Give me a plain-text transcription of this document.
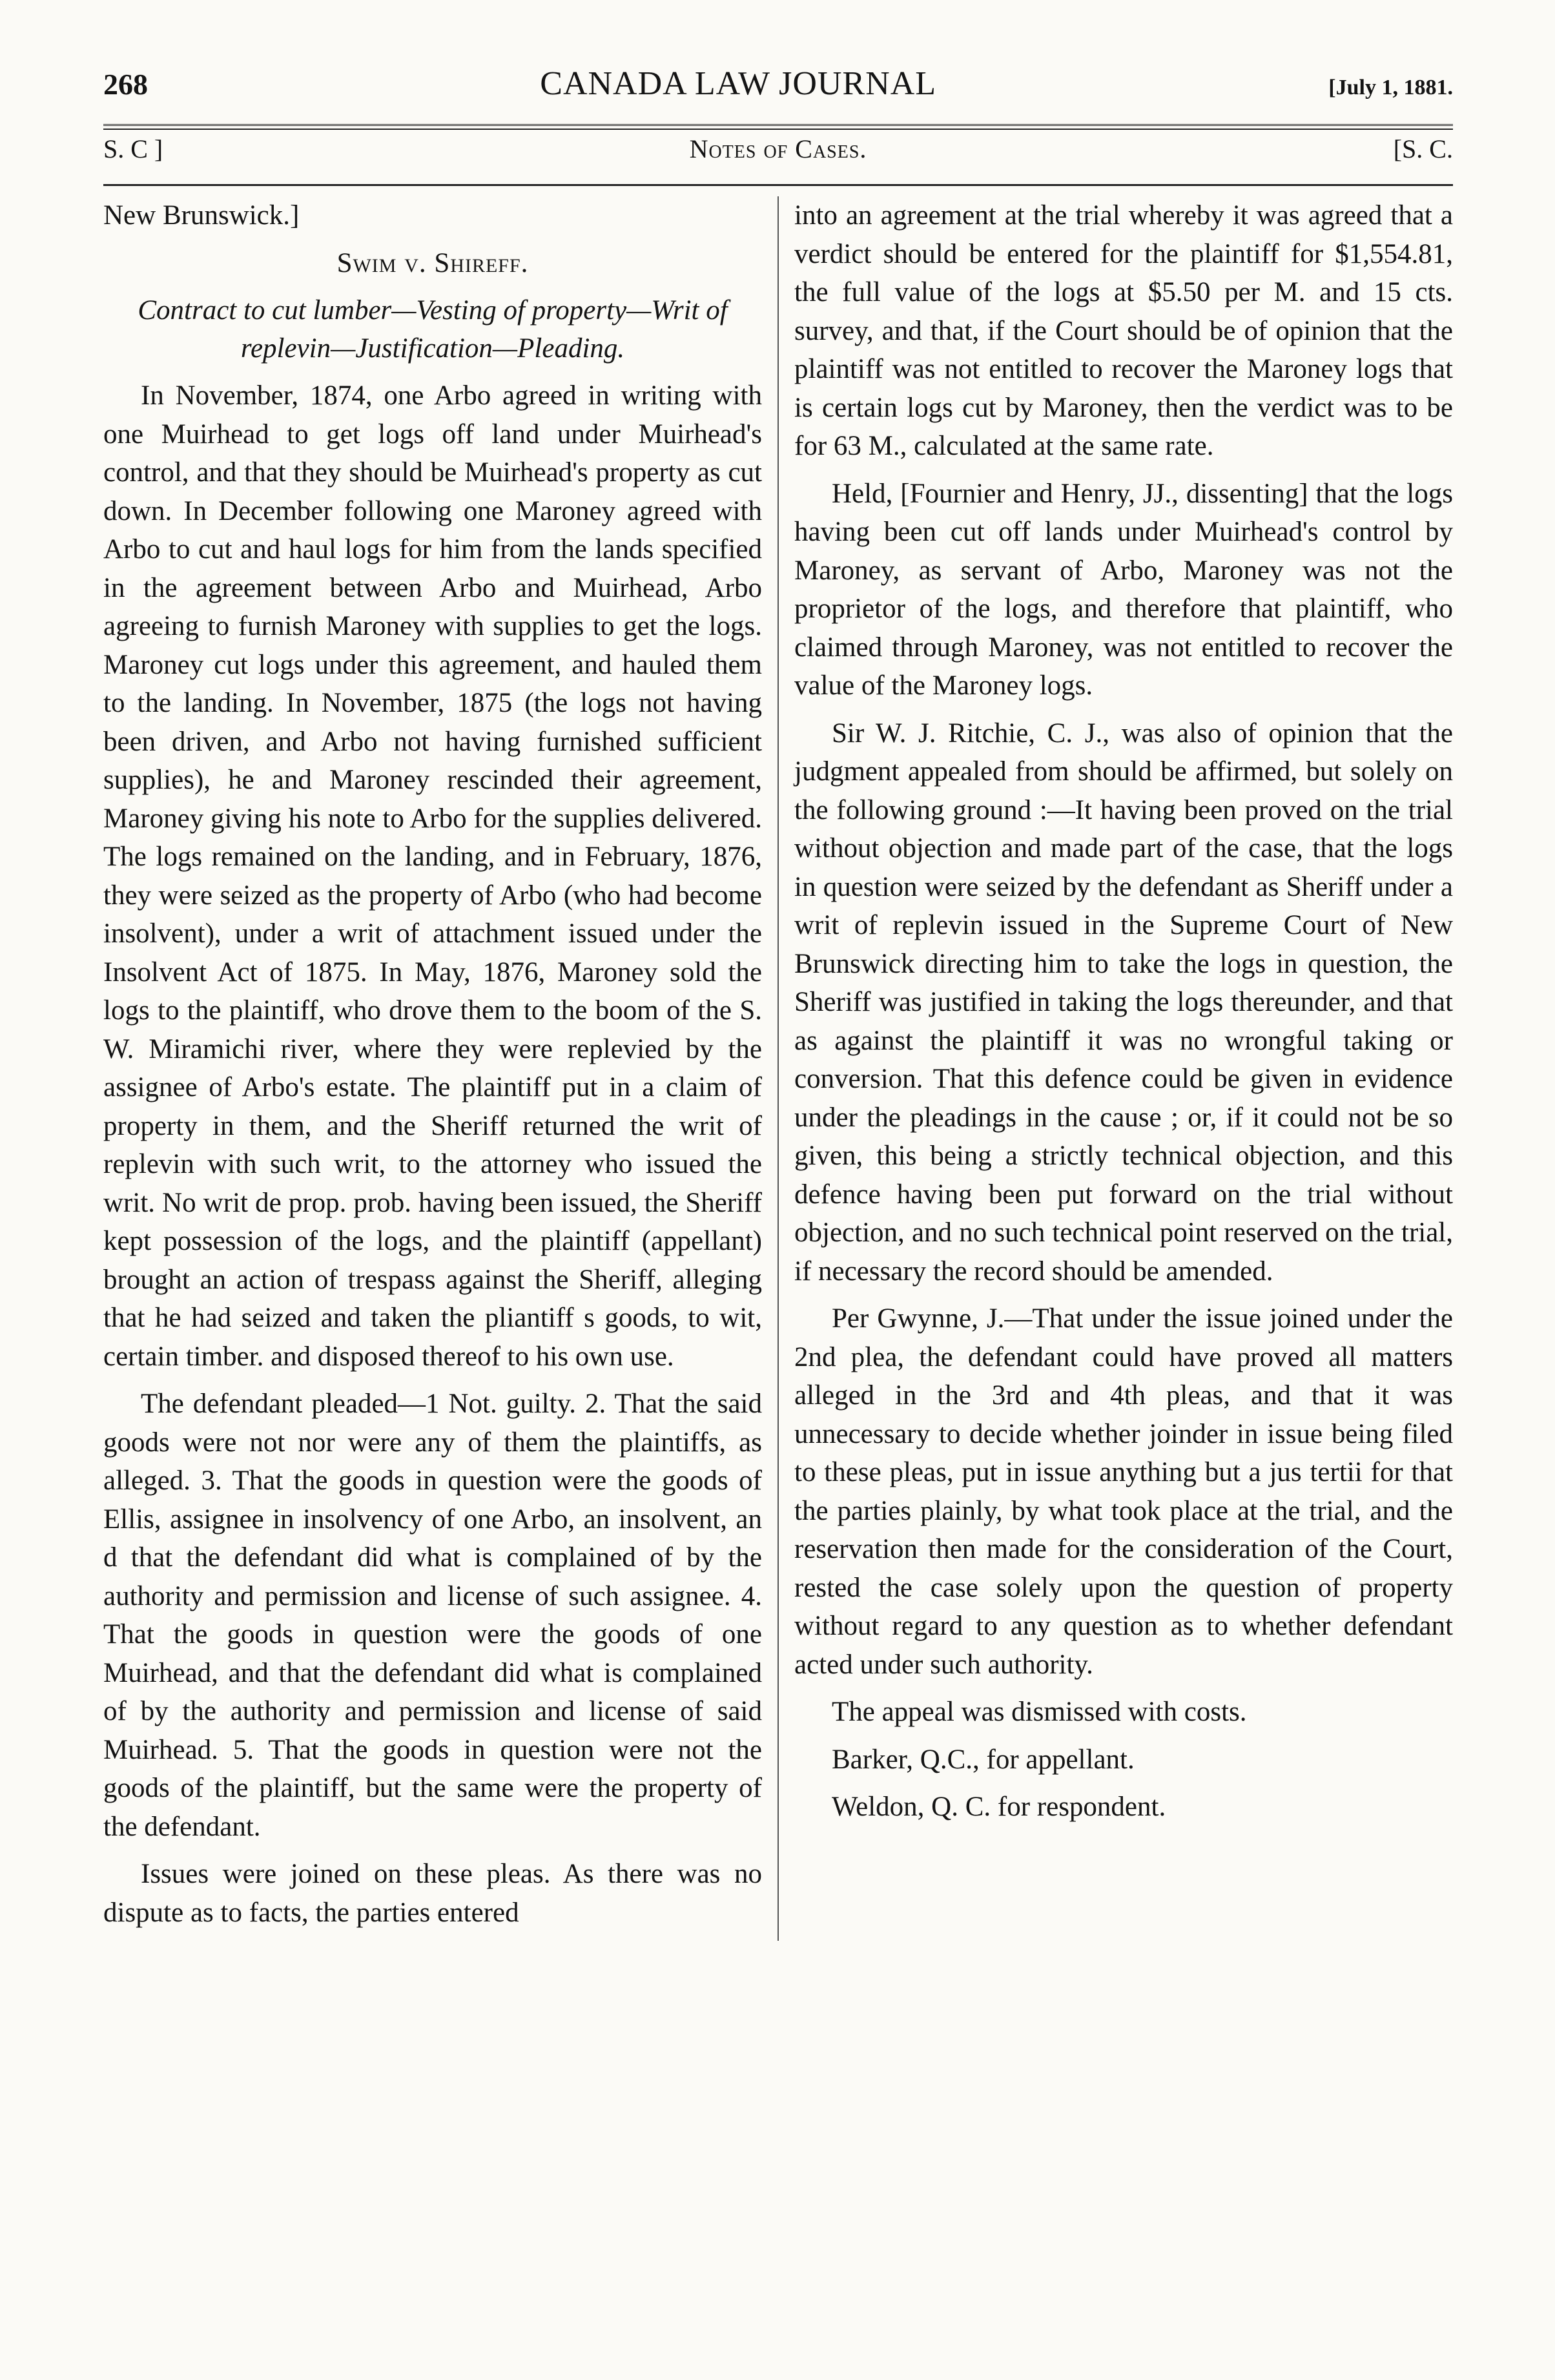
268	CANADA LAW JOURNAL	[July 1, 1881.
S. C ]	Notes of Cases.	[S. C.

New Brunswick.]

Swim v. Shireff.

Contract to cut lumber—Vesting of property—Writ of replevin—Justification—Pleading.

In November, 1874, one Arbo agreed in writing with one Muirhead to get logs off land under Muirhead's control, and that they should be Muirhead's property as cut down. In December following one Maroney agreed with Arbo to cut and haul logs for him from the lands specified in the agreement between Arbo and Muirhead, Arbo agreeing to furnish Maroney with supplies to get the logs. Maroney cut logs under this agreement, and hauled them to the landing. In November, 1875 (the logs not having been driven, and Arbo not having furnished sufficient supplies), he and Maroney rescinded their agreement, Maroney giving his note to Arbo for the supplies delivered. The logs remained on the landing, and in February, 1876, they were seized as the property of Arbo (who had become insolvent), under a writ of attachment issued under the Insolvent Act of 1875. In May, 1876, Maroney sold the logs to the plaintiff, who drove them to the boom of the S. W. Miramichi river, where they were replevied by the assignee of Arbo's estate. The plaintiff put in a claim of property in them, and the Sheriff returned the writ of replevin with such writ, to the attorney who issued the writ. No writ de prop. prob. having been issued, the Sheriff kept possession of the logs, and the plaintiff (appellant) brought an action of trespass against the Sheriff, alleging that he had seized and taken the pliantiff s goods, to wit, certain timber. and disposed thereof to his own use.

The defendant pleaded—1 Not. guilty. 2. That the said goods were not nor were any of them the plaintiffs, as alleged. 3. That the goods in question were the goods of Ellis, assignee in insolvency of one Arbo, an insolvent, an d that the defendant did what is complained of by the authority and permission and license of such assignee. 4. That the goods in question were the goods of one Muirhead, and that the defendant did what is complained of by the authority and permission and license of said Muirhead. 5. That the goods in question were not the goods of the plaintiff, but the same were the property of the defendant.

Issues were joined on these pleas. As there was no dispute as to facts, the parties entered

into an agreement at the trial whereby it was agreed that a verdict should be entered for the plaintiff for $1,554.81, the full value of the logs at $5.50 per M. and 15 cts. survey, and that, if the Court should be of opinion that the plaintiff was not entitled to recover the Maroney logs that is certain logs cut by Maroney, then the verdict was to be for 63 M., calculated at the same rate.

Held, [Fournier and Henry, JJ., dissenting] that the logs having been cut off lands under Muirhead's control by Maroney, as servant of Arbo, Maroney was not the proprietor of the logs, and therefore that plaintiff, who claimed through Maroney, was not entitled to recover the value of the Maroney logs.

Sir W. J. Ritchie, C. J., was also of opinion that the judgment appealed from should be affirmed, but solely on the following ground :—It having been proved on the trial without objection and made part of the case, that the logs in question were seized by the defendant as Sheriff under a writ of replevin issued in the Supreme Court of New Brunswick directing him to take the logs in question, the Sheriff was justified in taking the logs thereunder, and that as against the plaintiff it was no wrongful taking or conversion. That this defence could be given in evidence under the pleadings in the cause ; or, if it could not be so given, this being a strictly technical objection, and this defence having been put forward on the trial without objection, and no such technical point reserved on the trial, if necessary the record should be amended.

Per Gwynne, J.—That under the issue joined under the 2nd plea, the defendant could have proved all matters alleged in the 3rd and 4th pleas, and that it was unnecessary to decide whether joinder in issue being filed to these pleas, put in issue anything but a jus tertii for that the parties plainly, by what took place at the trial, and the reservation then made for the consideration of the Court, rested the case solely upon the question of property without regard to any question as to whether defendant acted under such authority.

The appeal was dismissed with costs.

Barker, Q.C., for appellant.

Weldon, Q. C. for respondent.
